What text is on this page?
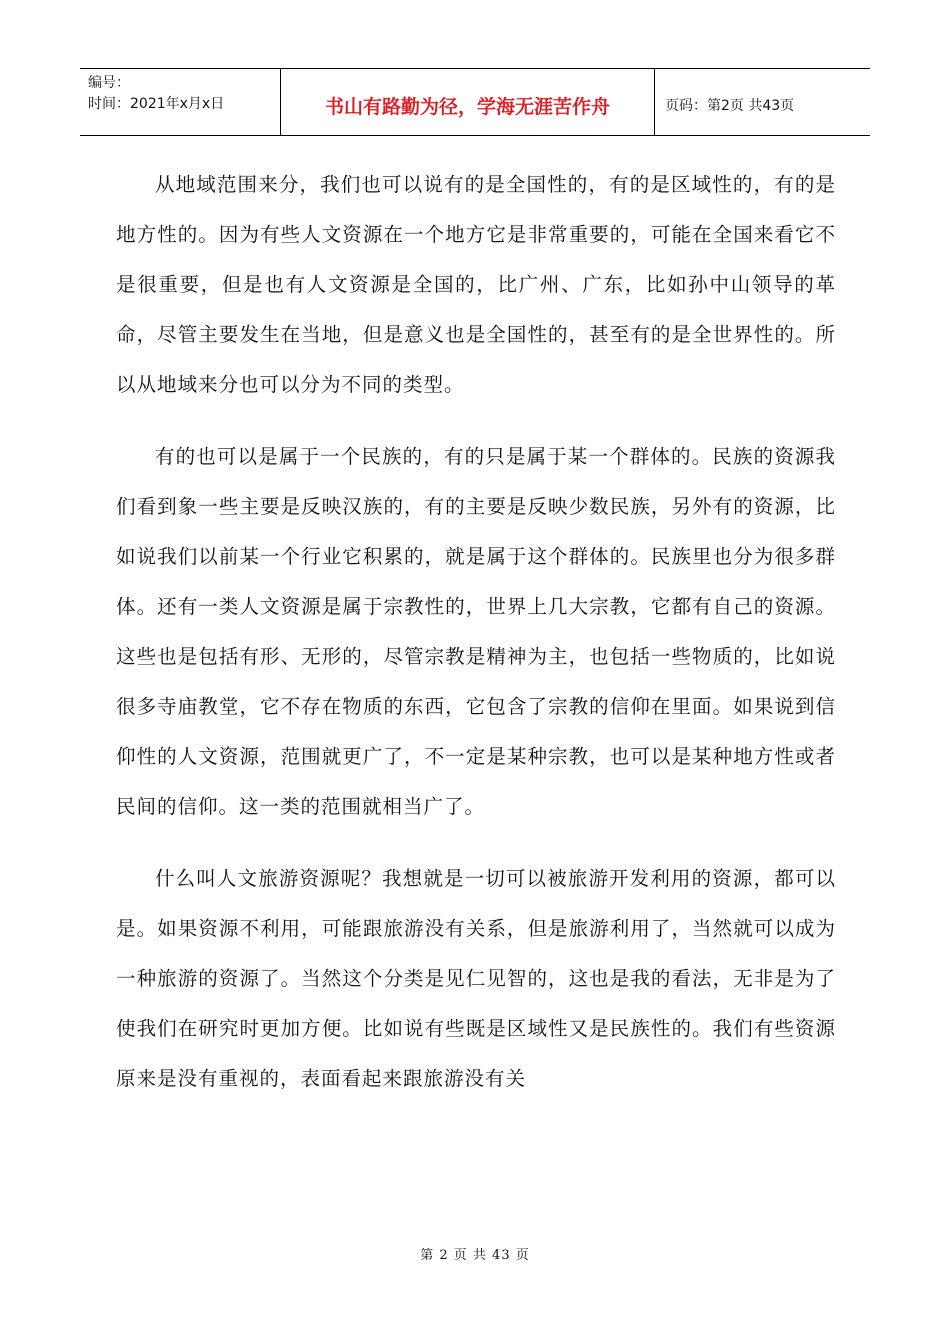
编号：
时间：2021年x月x日	书山有路勤为径，学海无涯苦作舟	页码：第2页 共43页

从地域范围来分，我们也可以说有的是全国性的，有的是区域性的，有的是地方性的。因为有些人文资源在一个地方它是非常重要的，可能在全国来看它不是很重要，但是也有人文资源是全国的，比广州、广东，比如孙中山领导的革命，尽管主要发生在当地，但是意义也是全国性的，甚至有的是全世界性的。所以从地域来分也可以分为不同的类型。

有的也可以是属于一个民族的，有的只是属于某一个群体的。民族的资源我们看到象一些主要是反映汉族的，有的主要是反映少数民族，另外有的资源，比如说我们以前某一个行业它积累的，就是属于这个群体的。民族里也分为很多群体。还有一类人文资源是属于宗教性的，世界上几大宗教，它都有自己的资源。这些也是包括有形、无形的，尽管宗教是精神为主，也包括一些物质的，比如说很多寺庙教堂，它不存在物质的东西，它包含了宗教的信仰在里面。如果说到信仰性的人文资源，范围就更广了，不一定是某种宗教，也可以是某种地方性或者民间的信仰。这一类的范围就相当广了。

什么叫人文旅游资源呢？我想就是一切可以被旅游开发利用的资源，都可以是。如果资源不利用，可能跟旅游没有关系，但是旅游利用了，当然就可以成为一种旅游的资源了。当然这个分类是见仁见智的，这也是我的看法，无非是为了使我们在研究时更加方便。比如说有些既是区域性又是民族性的。我们有些资源原来是没有重视的，表面看起来跟旅游没有关

第 2 页 共 43 页
